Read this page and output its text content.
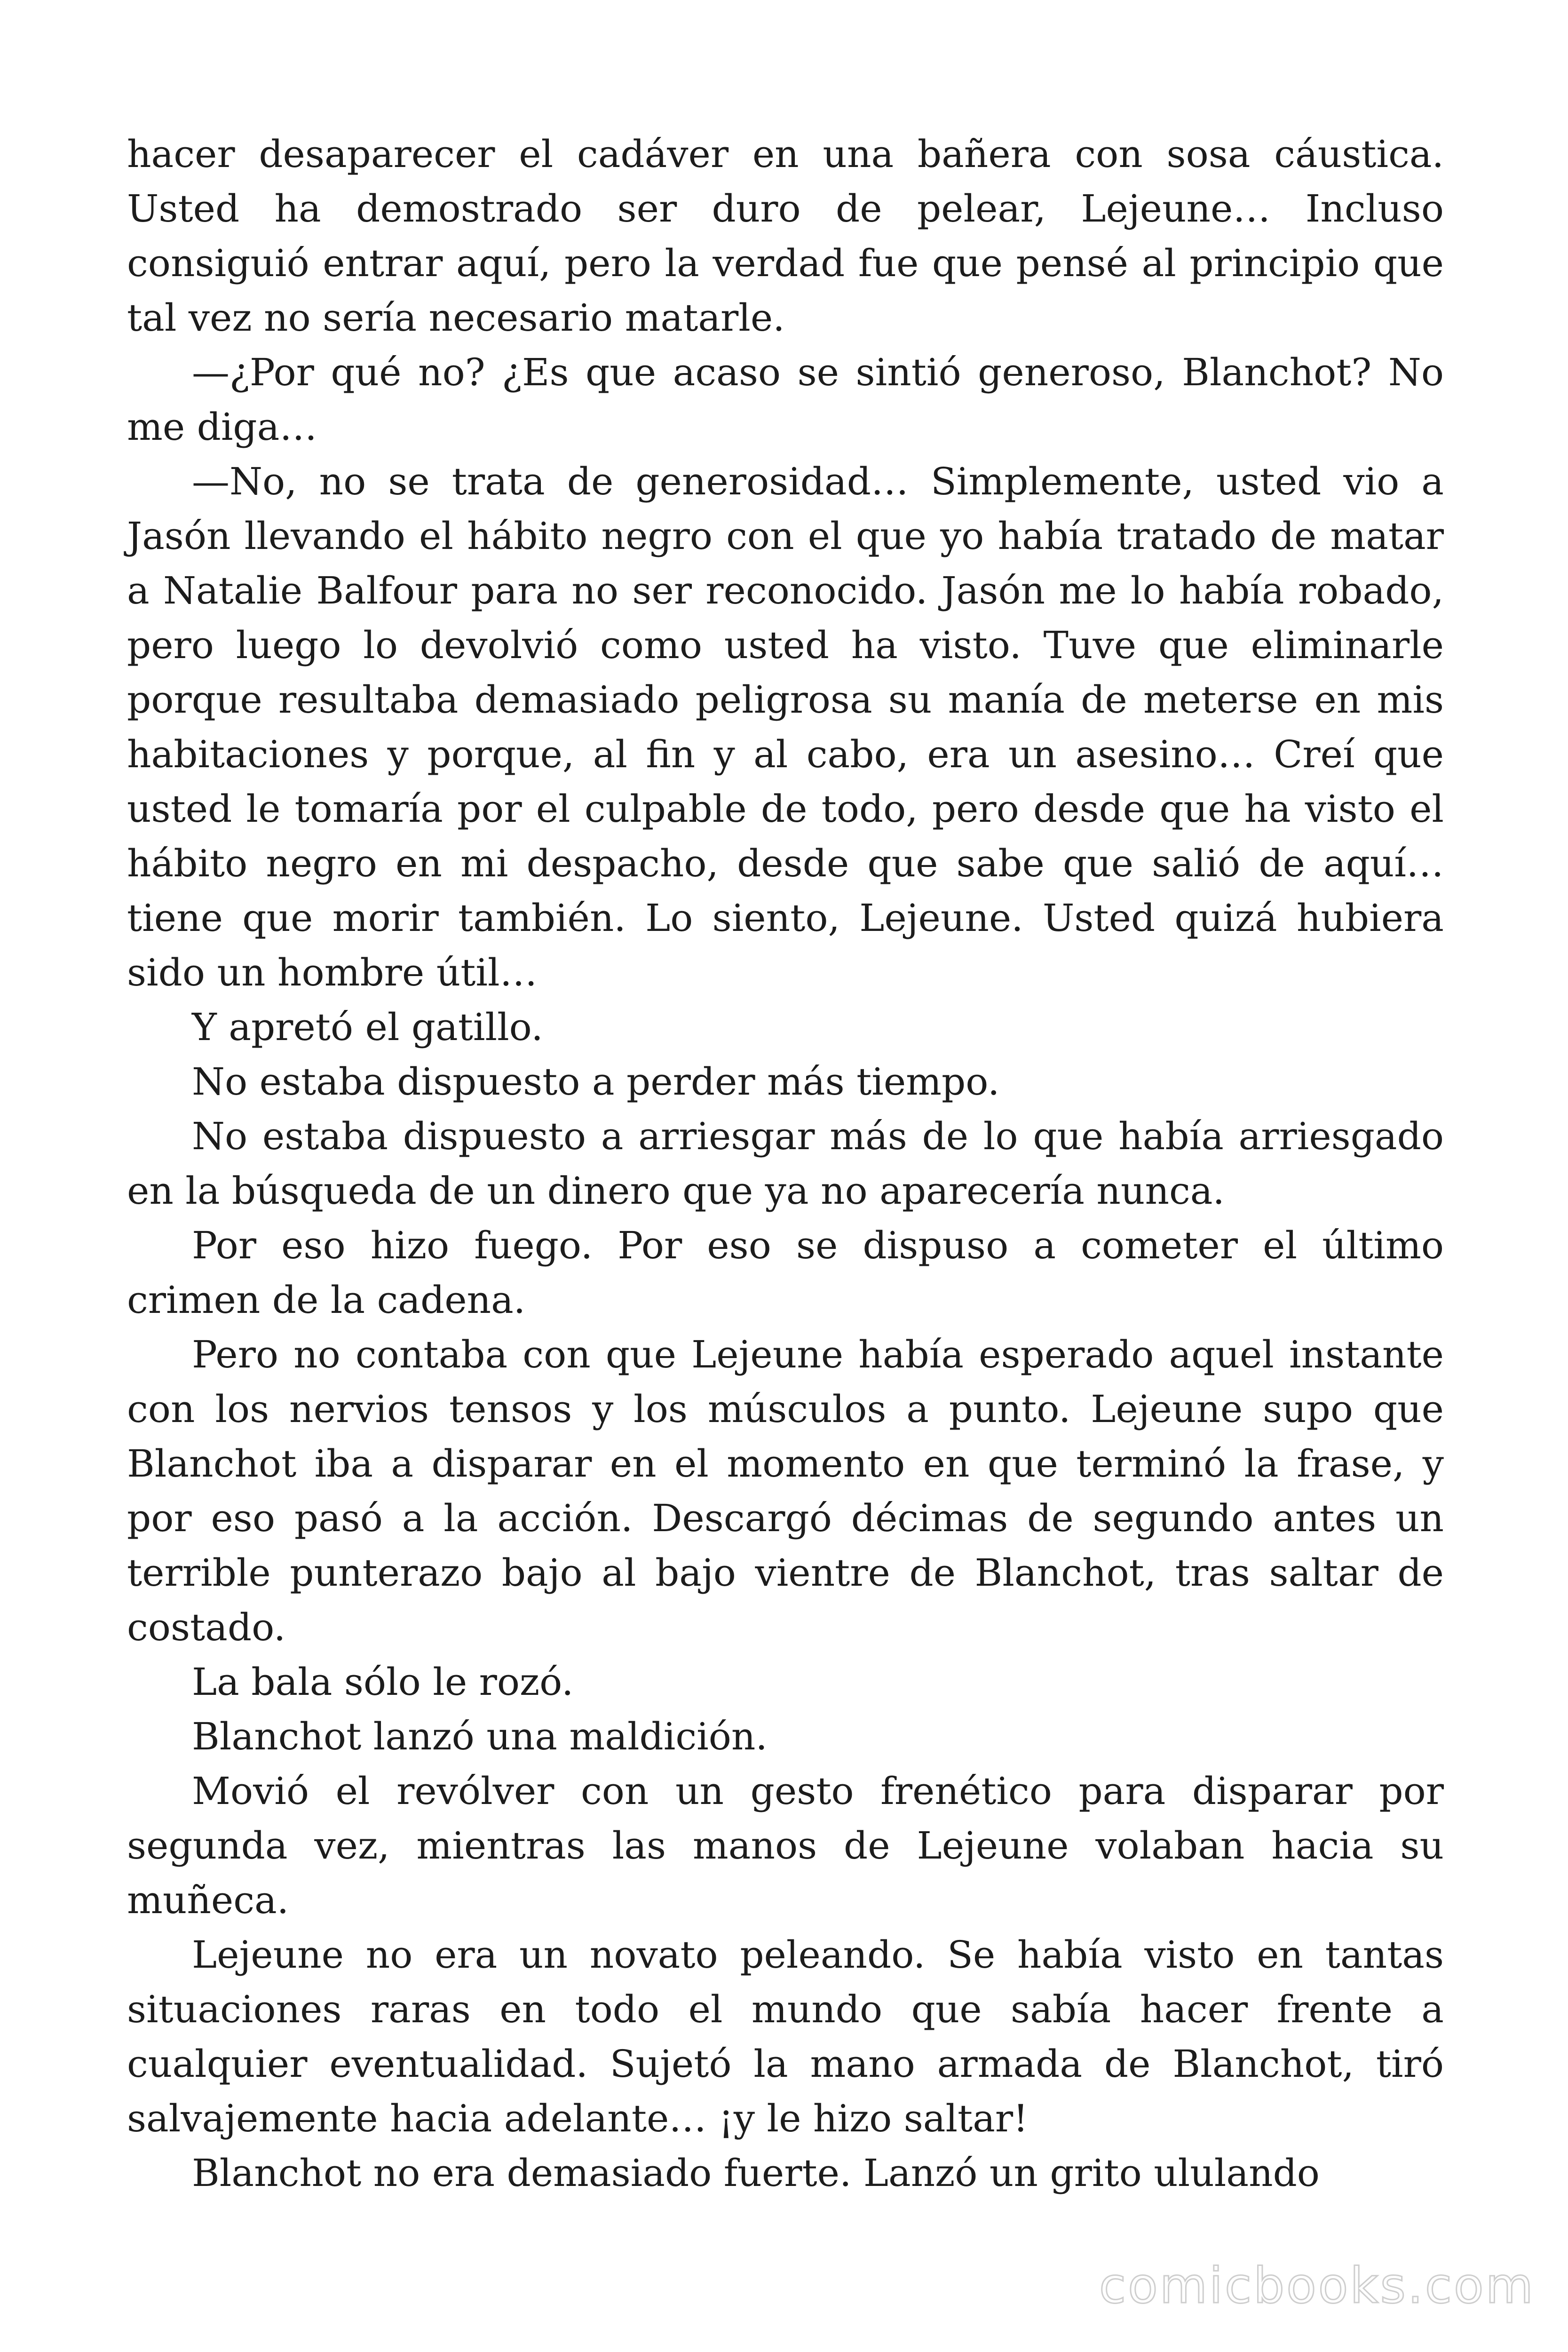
hacer desaparecer el cadáver en una bañera con sosa cáustica. Usted ha demostrado ser duro de pelear, Lejeune… Incluso consiguió entrar aquí, pero la verdad fue que pensé al principio que tal vez no sería necesario matarle.

—¿Por qué no? ¿Es que acaso se sintió generoso, Blanchot? No me diga…

—No, no se trata de generosidad… Simplemente, usted vio a Jasón llevando el hábito negro con el que yo había tratado de matar a Natalie Balfour para no ser reconocido. Jasón me lo había robado, pero luego lo devolvió como usted ha visto. Tuve que eliminarle porque resultaba demasiado peligrosa su manía de meterse en mis habitaciones y porque, al fin y al cabo, era un asesino… Creí que usted le tomaría por el culpable de todo, pero desde que ha visto el hábito negro en mi despacho, desde que sabe que salió de aquí… tiene que morir también. Lo siento, Lejeune. Usted quizá hubiera sido un hombre útil…

Y apretó el gatillo.

No estaba dispuesto a perder más tiempo.

No estaba dispuesto a arriesgar más de lo que había arriesgado en la búsqueda de un dinero que ya no aparecería nunca.

Por eso hizo fuego. Por eso se dispuso a cometer el último crimen de la cadena.

Pero no contaba con que Lejeune había esperado aquel instante con los nervios tensos y los músculos a punto. Lejeune supo que Blanchot iba a disparar en el momento en que terminó la frase, y por eso pasó a la acción. Descargó décimas de segundo antes un terrible punterazo bajo al bajo vientre de Blanchot, tras saltar de costado.

La bala sólo le rozó.

Blanchot lanzó una maldición.

Movió el revólver con un gesto frenético para disparar por segunda vez, mientras las manos de Lejeune volaban hacia su muñeca.

Lejeune no era un novato peleando. Se había visto en tantas situaciones raras en todo el mundo que sabía hacer frente a cualquier eventualidad. Sujetó la mano armada de Blanchot, tiró salvajemente hacia adelante… ¡y le hizo saltar!

Blanchot no era demasiado fuerte. Lanzó un grito ululando

comicbooks.com
